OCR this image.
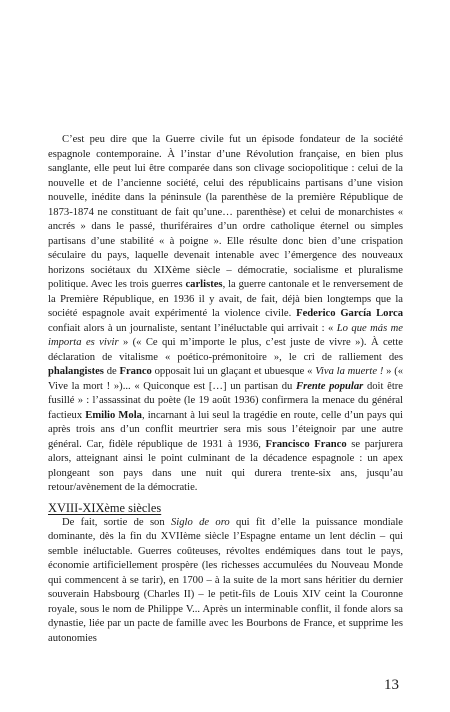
C’est peu dire que la Guerre civile fut un épisode fondateur de la société espagnole contemporaine. À l’instar d’une Révolution française, en bien plus sanglante, elle peut lui être comparée dans son clivage sociopolitique : celui de la nouvelle et de l’ancienne société, celui des républicains partisans d’une vision nouvelle, inédite dans la péninsule (la parenthèse de la première République de 1873-1874 ne constituant de fait qu’une… parenthèse) et celui de monarchistes « ancrés » dans le passé, thuriféraires d’un ordre catholique éternel ou simples partisans d’une stabilité « à poigne ». Elle résulte donc bien d’une crispation séculaire du pays, laquelle devenait intenable avec l’émergence des nouveaux horizons sociétaux du XIXème siècle – démocratie, socialisme et pluralisme politique. Avec les trois guerres carlistes, la guerre cantonale et le renversement de la Première République, en 1936 il y avait, de fait, déjà bien longtemps que la société espagnole avait expérimenté la violence civile. Federico García Lorca confiait alors à un journaliste, sentant l’inéluctable qui arrivait : « Lo que más me importa es vivir » (« Ce qui m’importe le plus, c’est juste de vivre »). À cette déclaration de vitalisme « poético-prémonitoire », le cri de ralliement des phalangistes de Franco opposait lui un glaçant et ubuesque « Viva la muerte ! » (« Vive la mort ! »)... « Quiconque est […] un partisan du Frente popular doit être fusillé » : l’assassinat du poète (le 19 août 1936) confirmera la menace du général factieux Emilio Mola, incarnant à lui seul la tragédie en route, celle d’un pays qui après trois ans d’un conflit meurtrier sera mis sous l’éteignoir par une autre général. Car, fidèle république de 1931 à 1936, Francisco Franco se parjurera alors, atteignant ainsi le point culminant de la décadence espagnole : un apex plongeant son pays dans une nuit qui durera trente-six ans, jusqu’au retour/avènement de la démocratie.

XVIII-XIXème siècles

De fait, sortie de son Siglo de oro qui fit d’elle la puissance mondiale dominante, dès la fin du XVIIème siècle l’Espagne entame un lent déclin – qui semble inéluctable. Guerres coûteuses, révoltes endémiques dans tout le pays, économie artificiellement prospère (les richesses accumulées du Nouveau Monde qui commencent à se tarir), en 1700 – à la suite de la mort sans héritier du dernier souverain Habsbourg (Charles II) – le petit-fils de Louis XIV ceint la Couronne royale, sous le nom de Philippe V... Après un interminable conflit, il fonde alors sa dynastie, liée par un pacte de famille avec les Bourbons de France, et supprime les autonomies

13
